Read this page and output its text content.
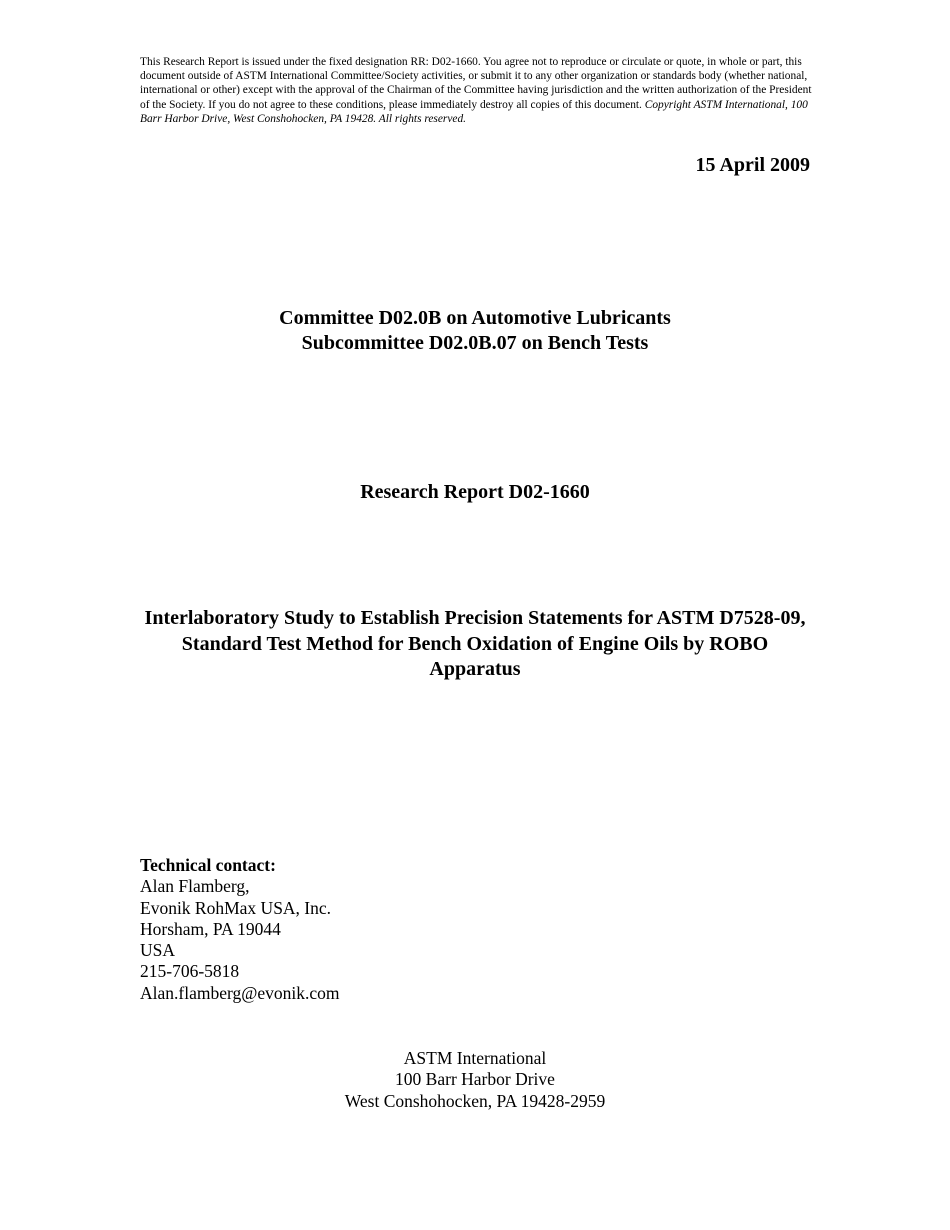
This Research Report is issued under the fixed designation RR: D02-1660. You agree not to reproduce or circulate or quote, in whole or part, this document outside of ASTM International Committee/Society activities, or submit it to any other organization or standards body (whether national, international or other) except with the approval of the Chairman of the Committee having jurisdiction and the written authorization of the President of the Society. If you do not agree to these conditions, please immediately destroy all copies of this document. Copyright ASTM International, 100 Barr Harbor Drive, West Conshohocken, PA 19428. All rights reserved.
15 April 2009
Committee D02.0B on Automotive Lubricants
Subcommittee D02.0B.07 on Bench Tests
Research Report D02-1660
Interlaboratory Study to Establish Precision Statements for ASTM D7528-09, Standard Test Method for Bench Oxidation of Engine Oils by ROBO Apparatus
Technical contact:
Alan Flamberg,
Evonik RohMax USA, Inc.
Horsham, PA 19044
USA
215-706-5818
Alan.flamberg@evonik.com
ASTM International
100 Barr Harbor Drive
West Conshohocken, PA 19428-2959
